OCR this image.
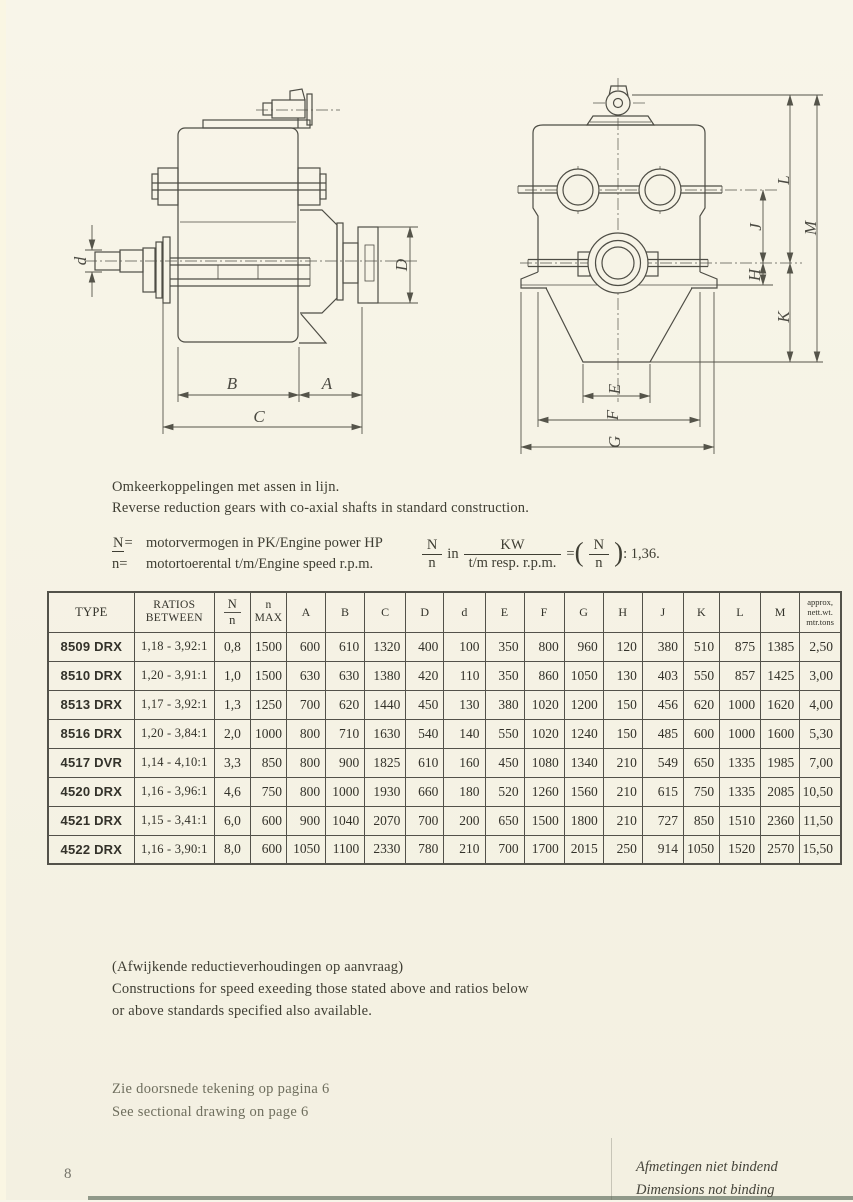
d	D
B	A
C
J
H
L
K
M
E
F
G
Omkeerkoppelingen met assen in lijn.
Reverse reduction gears with co-axial shafts in standard construction.
N= motorvermogen in PK/Engine power HP
n=	motortoerental t/m/Engine speed r.p.m.
N
n
in
KW
t/m resp. r.p.m.
= ( N
n ) : 1,36.
TYPE	RATIOS
BETWEEN	$\frac{N}{n}$	n
MAX	A	B	C	D	d	E	F	G	H	J	K	L	M	approx,
nett.wt.
mtr.tons
8509 DRX	1,18 - 3,92:1	0,8	1500	600	610	1320	400	100	350	800	960	120	380	510	875	1385	2,50
8510 DRX	1,20 - 3,91:1	1,0	1500	630	630	1380	420	110	350	860	1050	130	403	550	857	1425	3,00
8513 DRX	1,17 - 3,92:1	1,3	1250	700	620	1440	450	130	380	1020	1200	150	456	620	1000	1620	4,00
8516 DRX	1,20 - 3,84:1	2,0	1000	800	710	1630	540	140	550	1020	1240	150	485	600	1000	1600	5,30
4517 DVR	1,14 - 4,10:1	3,3	850	800	900	1825	610	160	450	1080	1340	210	549	650	1335	1985	7,00
4520 DRX	1,16 - 3,96:1	4,6	750	800	1000	1930	660	180	520	1260	1560	210	615	750	1335	2085	10,50
4521 DRX	1,15 - 3,41:1	6,0	600	900	1040	2070	700	200	650	1500	1800	210	727	850	1510	2360	11,50
4522 DRX	1,16 - 3,90:1	8,0	600	1050	1100	2330	780	210	700	1700	2015	250	914	1050	1520	2570	15,50
(Afwijkende reductieverhoudingen op aanvraag)
Constructions for speed exeeding those stated above and ratios below
or above standards specified also available.
Zie doorsnede tekening op pagina 6
See sectional drawing on page 6
8	Afmetingen niet bindend
Dimensions not binding
